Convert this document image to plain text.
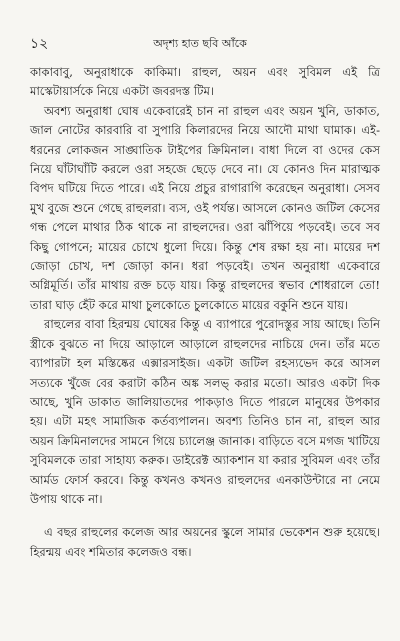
১২	অদৃশ্য হাত ছবি আঁকে

কাকাবাবু, অনুরাধাকে কাকিমা। রাহুল, অয়ন এবং সুবিমল এই ত্রি মাস্কেটায়ার্সকে নিয়ে একটা জবরদস্ত টিম।

অবশ্য অনুরাধা ঘোষ একেবারেই চান না রাহুল এবং অয়ন খুনি, ডাকাত, জাল নোটের কারবারি বা সুপারি কিলারদের নিয়ে আদৌ মাথা ঘামাক। এই-ধরনের লোকজন সাঙ্ঘাতিক টাইপের ক্রিমিনাল। বাধা দিলে বা ওদের কেস নিয়ে ঘাঁটাঘাঁটি করলে ওরা সহজে ছেড়ে দেবে না। যে কোনও দিন মারাত্মক বিপদ ঘটিয়ে দিতে পারে। এই নিয়ে প্রচুর রাগারাগি করেছেন অনুরাধা। সেসব মুখ বুজে শুনে গেছে রাহুলরা। ব্যস, ওই পর্যন্ত। আসলে কোনও জটিল কেসের গন্ধ পেলে মাথার ঠিক থাকে না রাহুলদের। ওরা ঝাঁপিয়ে পড়বেই। তবে সব কিছু গোপনে; মায়ের চোখে ধুলো দিয়ে। কিন্তু শেষ রক্ষা হয় না। মায়ের দশ জোড়া চোখ, দশ জোড়া কান। ধরা পড়বেই। তখন অনুরাধা একেবারে অগ্নিমূর্তি। তাঁর মাথায় রক্ত চড়ে যায়। কিন্তু রাহুলদের স্বভাব শোধরালে তো! তারা ঘাড় হেঁট করে মাথা চুলকোতে চুলকোতে মায়ের বকুনি শুনে যায়।

রাহুলের বাবা হিরন্ময় ঘোষের কিন্তু এ ব্যাপারে পুরোদস্তুর সায় আছে। তিনি স্ত্রীকে বুঝতে না দিয়ে আড়ালে আড়ালে রাহুলদের নাচিয়ে দেন। তাঁর মতে ব্যাপারটা হল মস্তিষ্কের এক্সারসাইজ। একটা জটিল রহস্যভেদ করে আসল সত্যকে খুঁজে বের করাটা কঠিন অঙ্ক সলভ্ করার মতো। আরও একটা দিক আছে, খুনি ডাকাত জালিয়াতদের পাকড়াও দিতে পারলে মানুষের উপকার হয়। এটা মহৎ সামাজিক কর্তব্যপালন। অবশ্য তিনিও চান না, রাহুল আর অয়ন ক্রিমিনালদের সামনে গিয়ে চ্যালেঞ্জ জানাক। বাড়িতে বসে মগজ খাটিয়ে সুবিমলকে তারা সাহায্য করুক। ডাইরেক্ট অ্যাকশান যা করার সুবিমল এবং তাঁর আর্মড ফোর্স করবে। কিন্তু কখনও কখনও রাহুলদের এনকাউন্টারে না নেমে উপায় থাকে না।

এ বছর রাহুলের কলেজ আর অয়নের স্কুলে সামার ভেকেশন শুরু হয়েছে। হিরন্ময় এবং শমিতার কলেজও বন্ধ।
